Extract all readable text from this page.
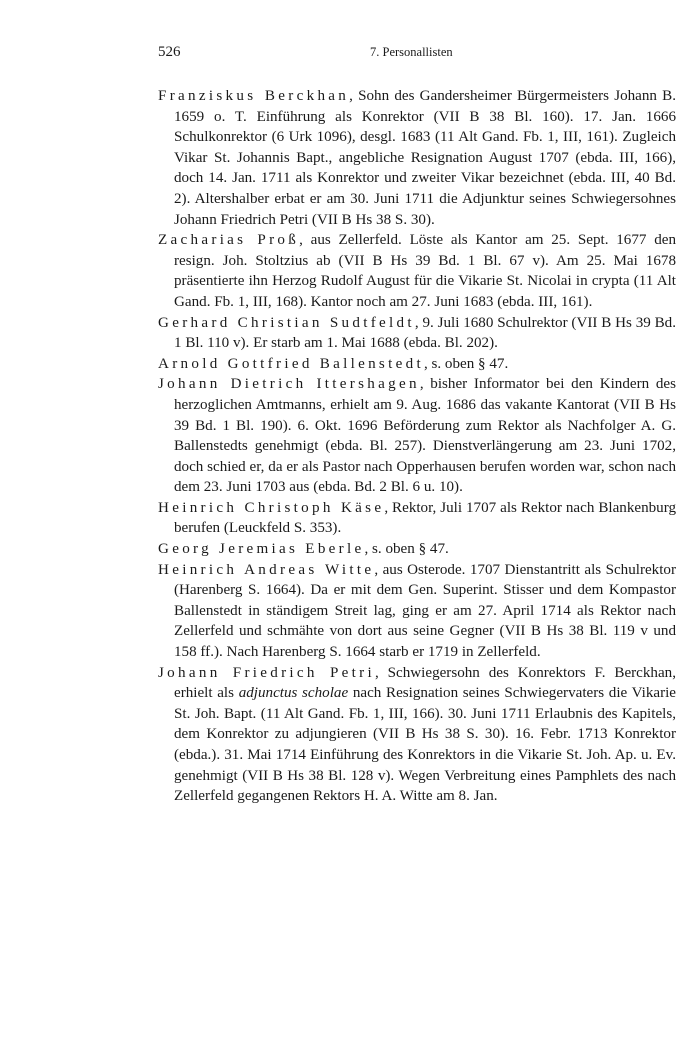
526	7. Personallisten

Franziskus Berckhan, Sohn des Gandersheimer Bürgermeisters Johann B. 1659 o. T. Einführung als Konrektor (VII B 38 Bl. 160). 17. Jan. 1666 Schulkonrektor (6 Urk 1096), desgl. 1683 (11 Alt Gand. Fb. 1, III, 161). Zugleich Vikar St. Johannis Bapt., angebliche Resignation August 1707 (ebda. III, 166), doch 14. Jan. 1711 als Konrektor und zweiter Vikar bezeichnet (ebda. III, 40 Bd. 2). Altershalber erbat er am 30. Juni 1711 die Adjunktur seines Schwiegersohnes Johann Friedrich Petri (VII B Hs 38 S. 30).

Zacharias Proß, aus Zellerfeld. Löste als Kantor am 25. Sept. 1677 den resign. Joh. Stoltzius ab (VII B Hs 39 Bd. 1 Bl. 67 v). Am 25. Mai 1678 präsentierte ihn Herzog Rudolf August für die Vikarie St. Nicolai in crypta (11 Alt Gand. Fb. 1, III, 168). Kantor noch am 27. Juni 1683 (ebda. III, 161).

Gerhard Christian Sudtfeldt, 9. Juli 1680 Schulrektor (VII B Hs 39 Bd. 1 Bl. 110 v). Er starb am 1. Mai 1688 (ebda. Bl. 202).

Arnold Gottfried Ballenstedt, s. oben § 47.

Johann Dietrich Ittershagen, bisher Informator bei den Kindern des herzoglichen Amtmanns, erhielt am 9. Aug. 1686 das vakante Kantorat (VII B Hs 39 Bd. 1 Bl. 190). 6. Okt. 1696 Beförderung zum Rektor als Nachfolger A. G. Ballenstedts genehmigt (ebda. Bl. 257). Dienstverlängerung am 23. Juni 1702, doch schied er, da er als Pastor nach Opperhausen berufen worden war, schon nach dem 23. Juni 1703 aus (ebda. Bd. 2 Bl. 6 u. 10).

Heinrich Christoph Käse, Rektor, Juli 1707 als Rektor nach Blankenburg berufen (Leuckfeld S. 353).

Georg Jeremias Eberle, s. oben § 47.

Heinrich Andreas Witte, aus Osterode. 1707 Dienstantritt als Schulrektor (Harenberg S. 1664). Da er mit dem Gen. Superint. Stisser und dem Kompastor Ballenstedt in ständigem Streit lag, ging er am 27. April 1714 als Rektor nach Zellerfeld und schmähte von dort aus seine Gegner (VII B Hs 38 Bl. 119 v und 158 ff.). Nach Harenberg S. 1664 starb er 1719 in Zellerfeld.

Johann Friedrich Petri, Schwiegersohn des Konrektors F. Berckhan, erhielt als adjunctus scholae nach Resignation seines Schwiegervaters die Vikarie St. Joh. Bapt. (11 Alt Gand. Fb. 1, III, 166). 30. Juni 1711 Erlaubnis des Kapitels, dem Konrektor zu adjungieren (VII B Hs 38 S. 30). 16. Febr. 1713 Konrektor (ebda.). 31. Mai 1714 Einführung des Konrektors in die Vikarie St. Joh. Ap. u. Ev. genehmigt (VII B Hs 38 Bl. 128 v). Wegen Verbreitung eines Pamphlets des nach Zellerfeld gegangenen Rektors H. A. Witte am 8. Jan.
